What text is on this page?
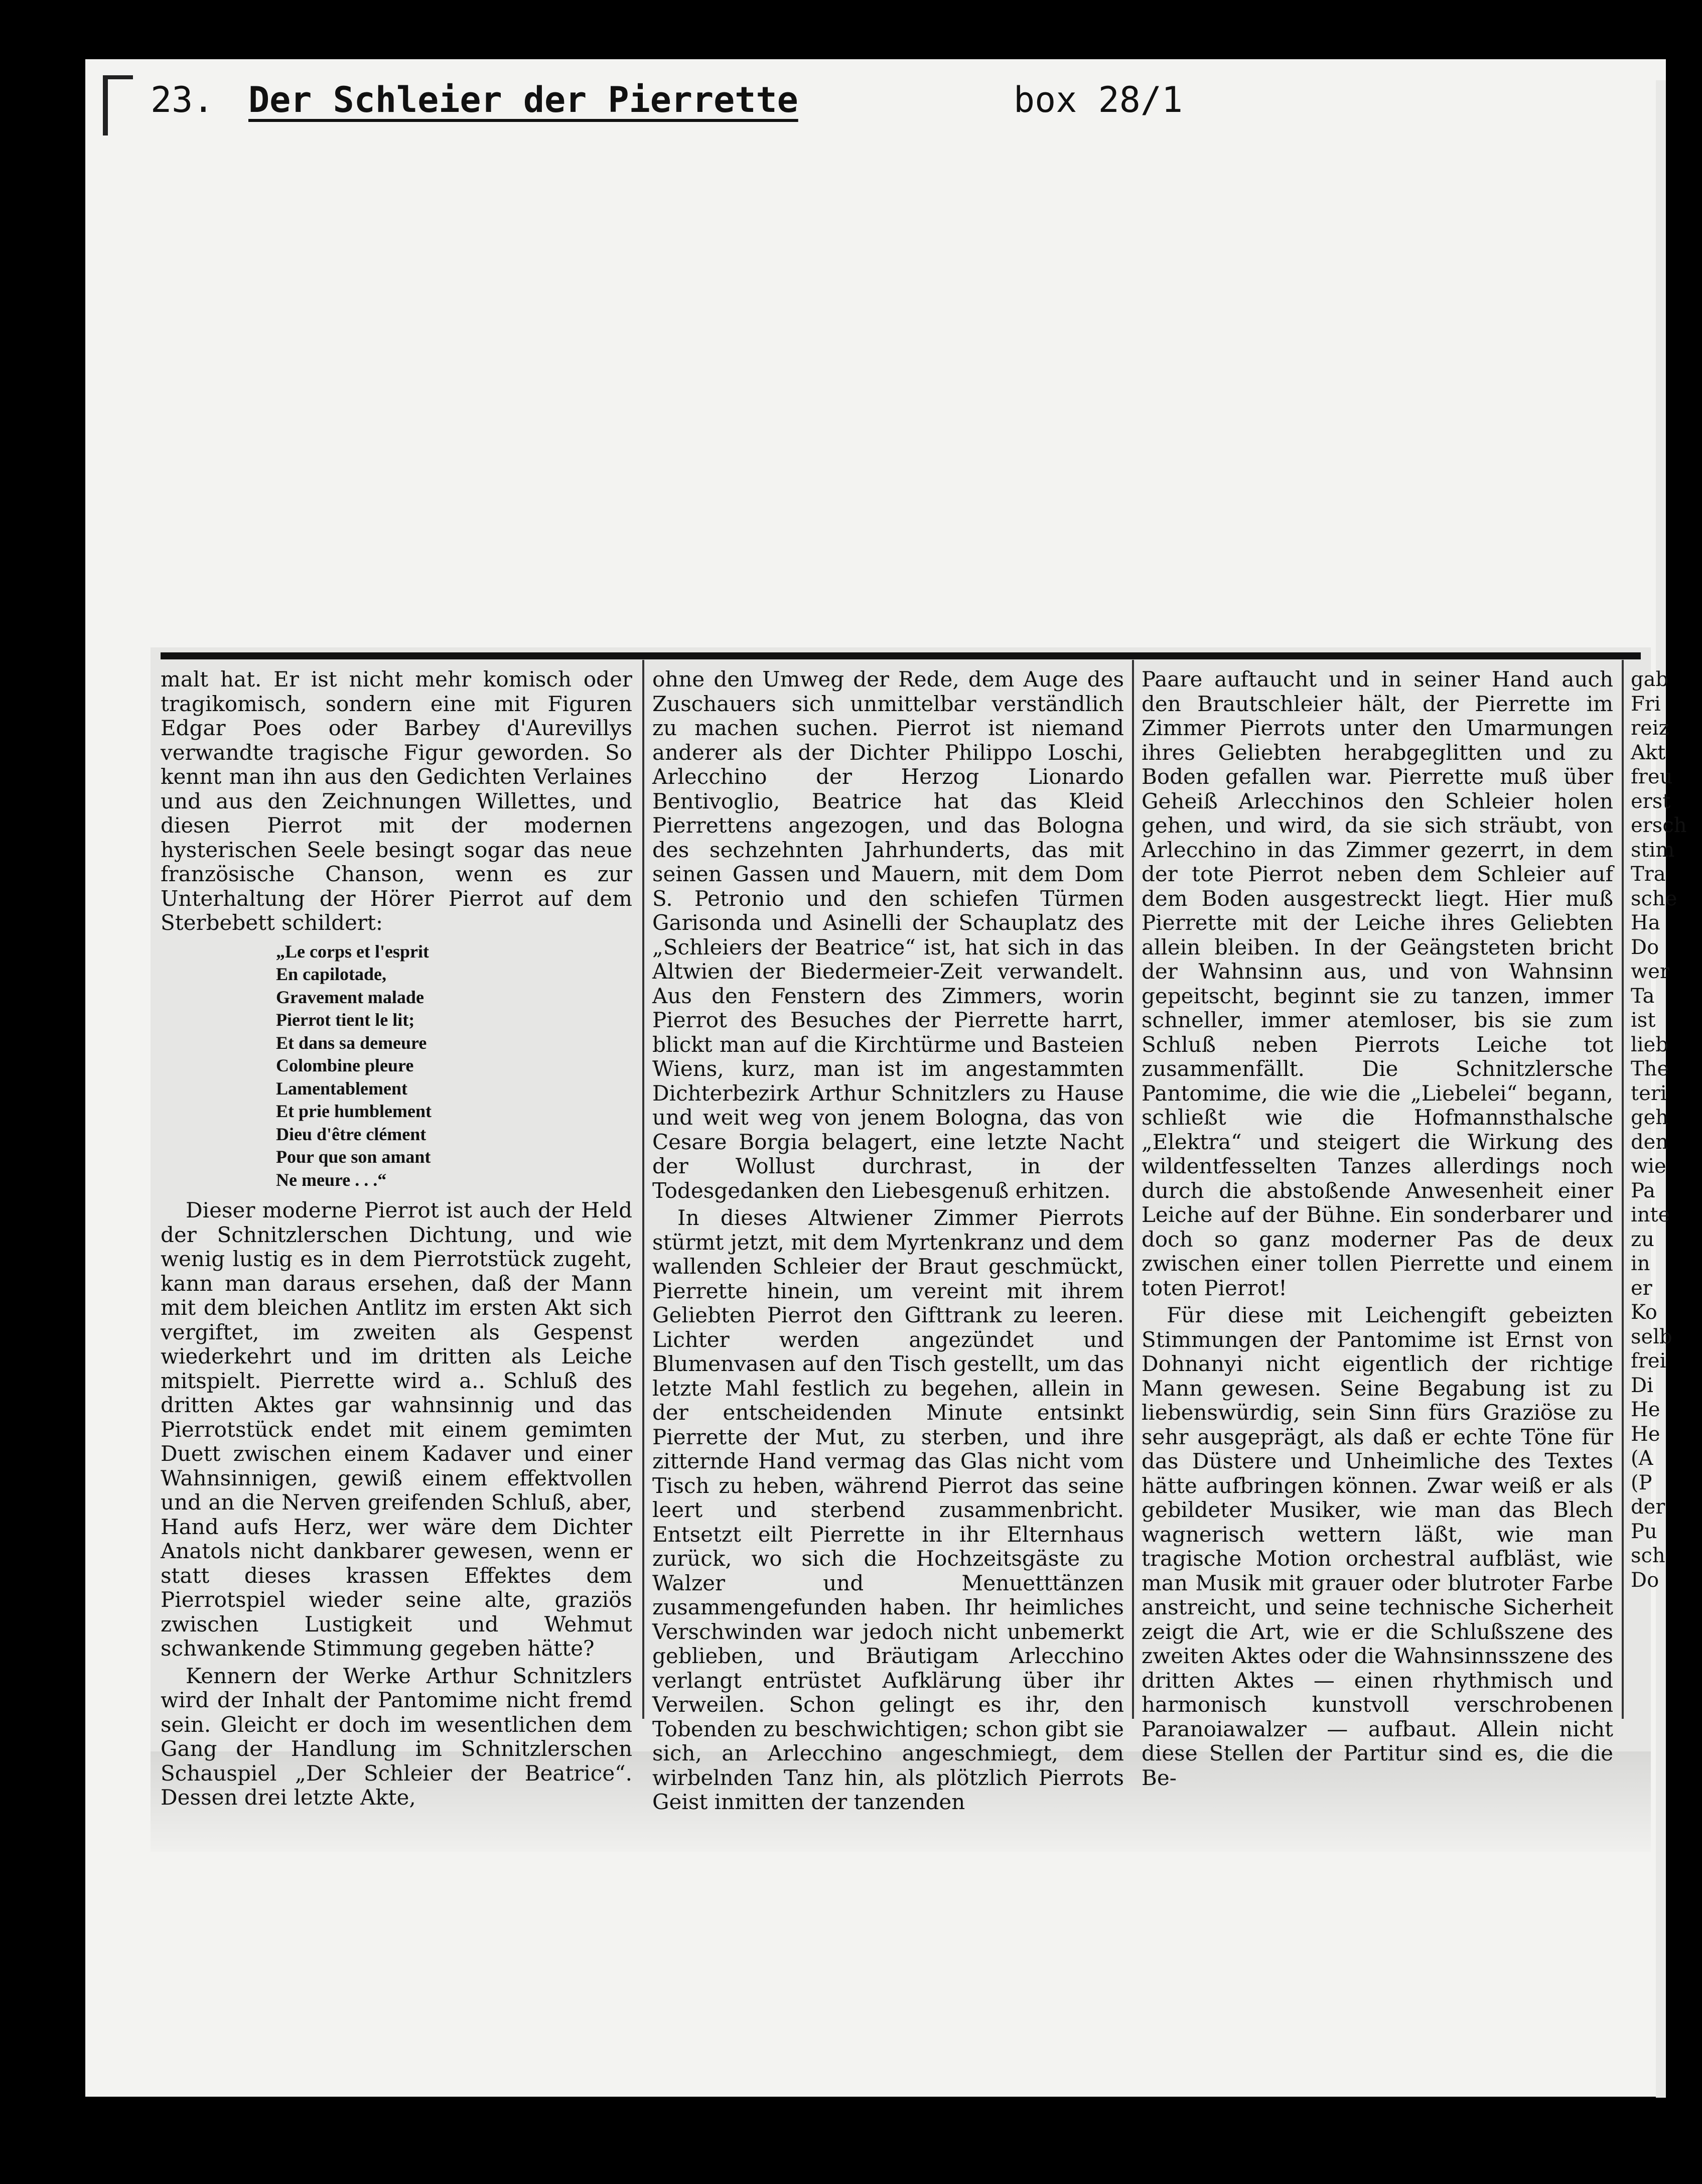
23. Der Schleier der Pierrette	box 28/1

malt hat. Er ist nicht mehr komisch oder tragikomisch, sondern eine mit Figuren Edgar Poes oder Barbey d'Aurevillys verwandte tragische Figur geworden. So kennt man ihn aus den Gedichten Verlaines und aus den Zeichnungen Willettes, und diesen Pierrot mit der modernen hysterischen Seele besingt sogar das neue französische Chanson, wenn es zur Unterhaltung der Hörer Pierrot auf dem Sterbebett schildert:

„Le corps et l'esprit
En capilotade,
Gravement malade
Pierrot tient le lit;
Et dans sa demeure
Colombine pleure
Lamentablement
Et prie humblement
Dieu d'être clément
Pour que son amant
Ne meure . . .“

Dieser moderne Pierrot ist auch der Held der Schnitzlerschen Dichtung, und wie wenig lustig es in dem Pierrotstück zugeht, kann man daraus ersehen, daß der Mann mit dem bleichen Antlitz im ersten Akt sich vergiftet, im zweiten als Gespenst wiederkehrt und im dritten als Leiche mitspielt. Pierrette wird a.. Schluß des dritten Aktes gar wahnsinnig und das Pierrotstück endet mit einem gemimten Duett zwischen einem Kadaver und einer Wahnsinnigen, gewiß einem effektvollen und an die Nerven greifenden Schluß, aber, Hand aufs Herz, wer wäre dem Dichter Anatols nicht dankbarer gewesen, wenn er statt dieses krassen Effektes dem Pierrotspiel wieder seine alte, graziös zwischen Lustigkeit und Wehmut schwankende Stimmung gegeben hätte?

Kennern der Werke Arthur Schnitzlers wird der Inhalt der Pantomime nicht fremd sein. Gleicht er doch im wesentlichen dem Gang der Handlung im Schnitzlerschen Schauspiel „Der Schleier der Beatrice“. Dessen drei letzte Akte,

ohne den Umweg der Rede, dem Auge des Zuschauers sich unmittelbar verständlich zu machen suchen. Pierrot ist niemand anderer als der Dichter Philippo Loschi, Arlecchino der Herzog Lionardo Bentivoglio, Beatrice hat das Kleid Pierrettens angezogen, und das Bologna des sechzehnten Jahrhunderts, das mit seinen Gassen und Mauern, mit dem Dom S. Petronio und den schiefen Türmen Garisonda und Asinelli der Schauplatz des „Schleiers der Beatrice“ ist, hat sich in das Altwien der Biedermeier-Zeit verwandelt. Aus den Fenstern des Zimmers, worin Pierrot des Besuches der Pierrette harrt, blickt man auf die Kirchtürme und Basteien Wiens, kurz, man ist im angestammten Dichterbezirk Arthur Schnitzlers zu Hause und weit weg von jenem Bologna, das von Cesare Borgia belagert, eine letzte Nacht der Wollust durchrast, in der Todesgedanken den Liebesgenuß erhitzen.

In dieses Altwiener Zimmer Pierrots stürmt jetzt, mit dem Myrtenkranz und dem wallenden Schleier der Braut geschmückt, Pierrette hinein, um vereint mit ihrem Geliebten Pierrot den Gifttrank zu leeren. Lichter werden angezündet und Blumenvasen auf den Tisch gestellt, um das letzte Mahl festlich zu begehen, allein in der entscheidenden Minute entsinkt Pierrette der Mut, zu sterben, und ihre zitternde Hand vermag das Glas nicht vom Tisch zu heben, während Pierrot das seine leert und sterbend zusammenbricht. Entsetzt eilt Pierrette in ihr Elternhaus zurück, wo sich die Hochzeitsgäste zu Walzer und Menuetttänzen zusammengefunden haben. Ihr heimliches Verschwinden war jedoch nicht unbemerkt geblieben, und Bräutigam Arlecchino verlangt entrüstet Aufklärung über ihr Verweilen. Schon gelingt es ihr, den Tobenden zu beschwichtigen; schon gibt sie sich, an Arlecchino angeschmiegt, dem wirbelnden Tanz hin, als plötzlich Pierrots Geist inmitten der tanzenden

Paare auftaucht und in seiner Hand auch den Brautschleier hält, der Pierrette im Zimmer Pierrots unter den Umarmungen ihres Geliebten herabgeglitten und zu Boden gefallen war. Pierrette muß über Geheiß Arlecchinos den Schleier holen gehen, und wird, da sie sich sträubt, von Arlecchino in das Zimmer gezerrt, in dem der tote Pierrot neben dem Schleier auf dem Boden ausgestreckt liegt. Hier muß Pierrette mit der Leiche ihres Geliebten allein bleiben. In der Geängsteten bricht der Wahnsinn aus, und von Wahnsinn gepeitscht, beginnt sie zu tanzen, immer schneller, immer atemloser, bis sie zum Schluß neben Pierrots Leiche tot zusammenfällt. Die Schnitzlersche Pantomime, die wie die „Liebelei“ begann, schließt wie die Hofmannsthalsche „Elektra“ und steigert die Wirkung des wildentfesselten Tanzes allerdings noch durch die abstoßende Anwesenheit einer Leiche auf der Bühne. Ein sonderbarer und doch so ganz moderner Pas de deux zwischen einer tollen Pierrette und einem toten Pierrot!

Für diese mit Leichengift gebeizten Stimmungen der Pantomime ist Ernst von Dohnanyi nicht eigentlich der richtige Mann gewesen. Seine Begabung ist zu liebenswürdig, sein Sinn fürs Graziöse zu sehr ausgeprägt, als daß er echte Töne für das Düstere und Unheimliche des Textes hätte aufbringen können. Zwar weiß er als gebildeter Musiker, wie man das Blech wagnerisch wettern läßt, wie man tragische Motion orchestral aufbläst, wie man Musik mit grauer oder blutroter Farbe anstreicht, und seine technische Sicherheit zeigt die Art, wie er die Schlußszene des zweiten Aktes oder die Wahnsinnsszene des dritten Aktes — einen rhythmisch und harmonisch kunstvoll verschrobenen Paranoiawalzer — aufbaut. Allein nicht diese Stellen der Partitur sind es, die die Be-

gab
Fri
reiz
Akt
freu
erst
ersch
stim
Tra
sche
Ha
Do
wer
Ta
ist
lieb
The
teri
geh
den
wie
Pa
inte
zu
in
er
Ko
selb
frei
Di
He
He
(A
(P
der
Pu
sch
Do
